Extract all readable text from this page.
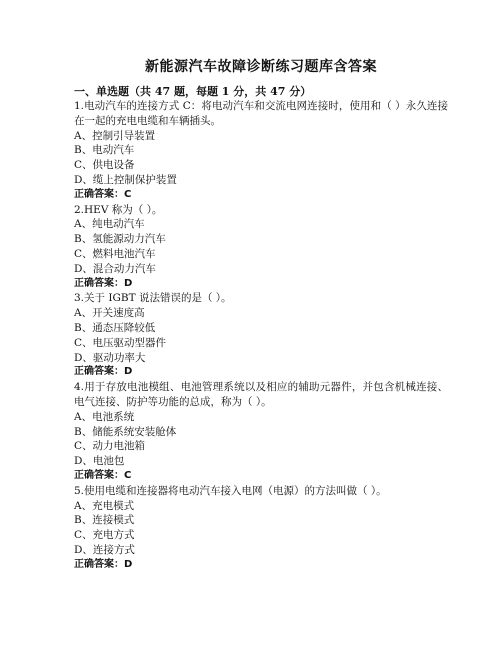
新能源汽车故障诊断练习题库含答案

一、单选题（共 47 题，每题 1 分，共 47 分）

1.电动汽车的连接方式 C：将电动汽车和交流电网连接时，使用和（ ）永久连接在一起的充电电缆和车辆插头。

A、控制引导装置

B、电动汽车

C、供电设备

D、缆上控制保护装置

正确答案：C

2.HEV 称为（ ）。

A、纯电动汽车

B、氢能源动力汽车

C、燃料电池汽车

D、混合动力汽车

正确答案：D

3.关于 IGBT 说法错误的是（ ）。

A、开关速度高

B、通态压降较低

C、电压驱动型器件

D、驱动功率大

正确答案：D

4.用于存放电池模组、电池管理系统以及相应的辅助元器件，并包含机械连接、电气连接、防护等功能的总成，称为（ ）。

A、电池系统

B、储能系统安装舱体

C、动力电池箱

D、电池包

正确答案：C

5.使用电缆和连接器将电动汽车接入电网（电源）的方法叫做（ ）。

A、充电模式

B、连接模式

C、充电方式

D、连接方式

正确答案：D
